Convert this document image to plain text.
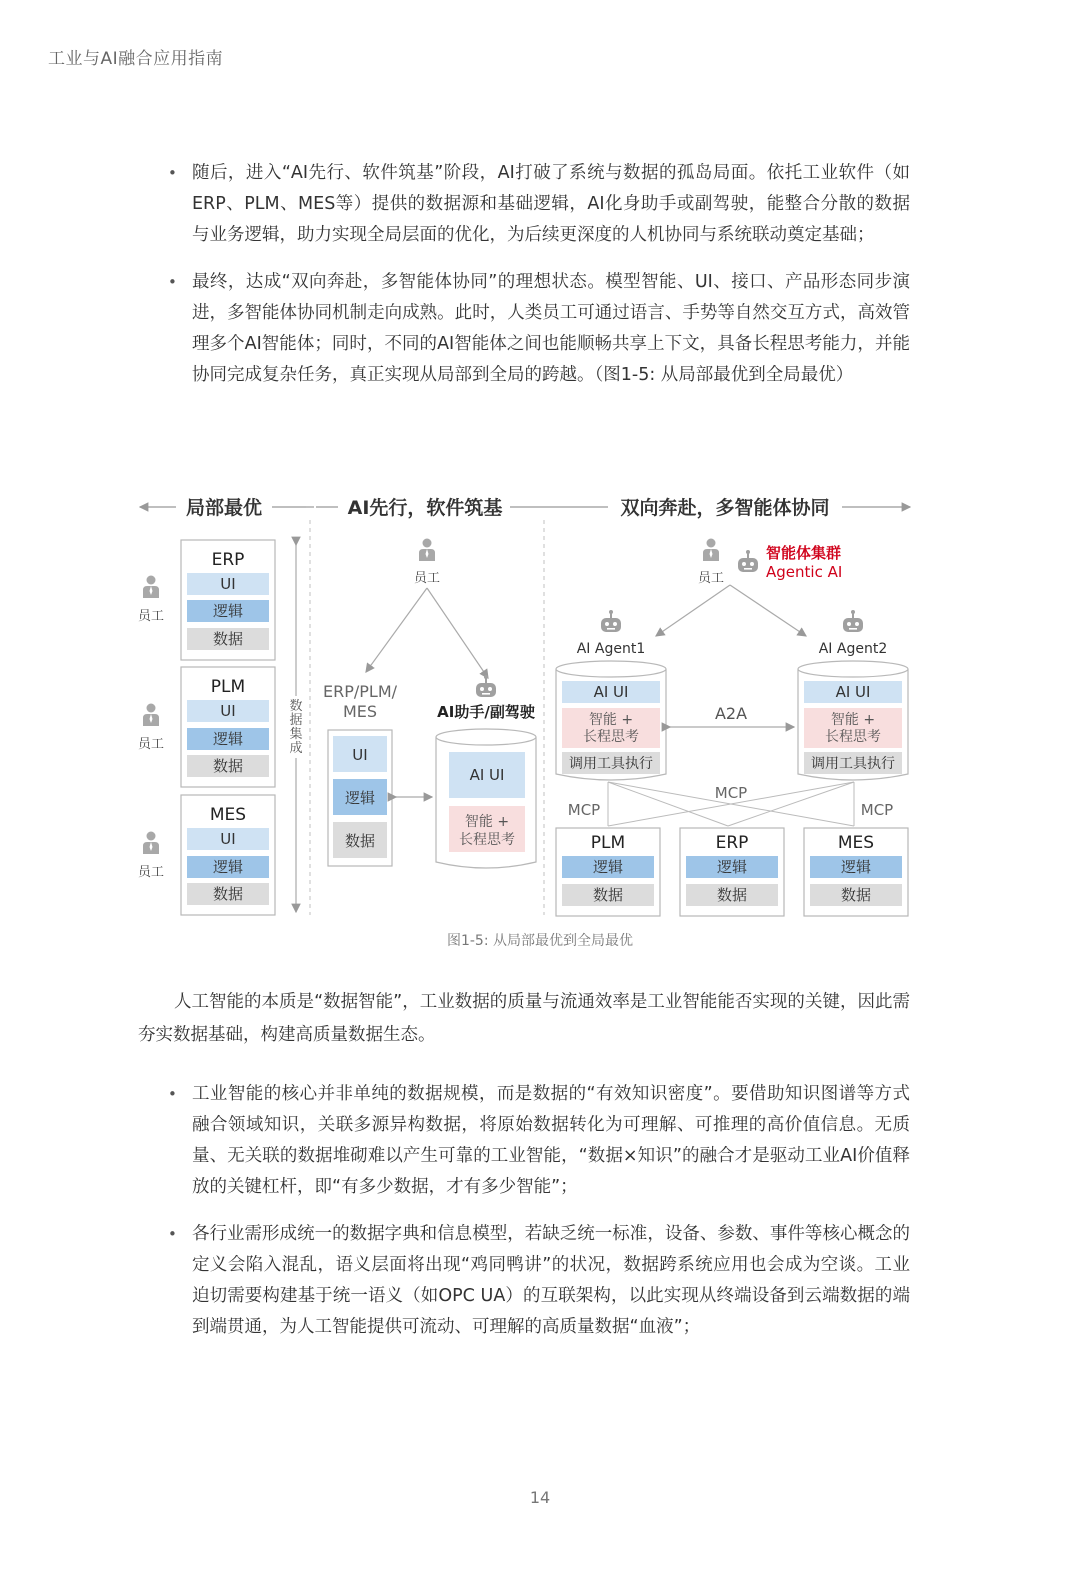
工业与AI融合应用指南
• 随后，进入“AI先行、软件筑基”阶段，AI打破了系统与数据的孤岛局面。依托工业软件（如ERP、PLM、MES等）提供的数据源和基础逻辑，AI化身助手或副驾驶，能整合分散的数据与业务逻辑，助力实现全局层面的优化，为后续更深度的人机协同与系统联动奠定基础；
• 最终，达成“双向奔赴，多智能体协同”的理想状态。模型智能、UI、接口、产品形态同步演进，多智能体协同机制走向成熟。此时，人类员工可通过语言、手势等自然交互方式，高效管理多个AI智能体；同时，不同的AI智能体之间也能顺畅共享上下文，具备长程思考能力，并能协同完成复杂任务，真正实现从局部到全局的跨越。（图1-5: 从局部最优到全局最优）
局部最优	AI先行，软件筑基	双向奔赴，多智能体协同
员工
员工
员工
ERP
UI
逻辑
数据
PLM
UI
逻辑
数据
MES
UI
逻辑
数据
数
据
集
成
员工
ERP/PLM/
MES
UI
逻辑
数据
AI助手/副驾驶
AI UI
智能 +
长程思考
员工
智能体集群
Agentic AI
AI Agent1	AI Agent2
AI UI
智能 +
长程思考
调用工具执行
AI UI
智能 +
长程思考
调用工具执行
A2A
MCP
MCP
MCP
PLM
逻辑
数据
ERP
逻辑
数据
MES
逻辑
数据
图1-5: 从局部最优到全局最优
人工智能的本质是“数据智能”，工业数据的质量与流通效率是工业智能能否实现的关键，因此需夯实数据基础，构建高质量数据生态。
• 工业智能的核心并非单纯的数据规模，而是数据的“有效知识密度”。要借助知识图谱等方式融合领域知识，关联多源异构数据，将原始数据转化为可理解、可推理的高价值信息。无质量、无关联的数据堆砌难以产生可靠的工业智能，“数据×知识”的融合才是驱动工业AI价值释放的关键杠杆，即“有多少数据，才有多少智能”；
• 各行业需形成统一的数据字典和信息模型，若缺乏统一标准，设备、参数、事件等核心概念的定义会陷入混乱，语义层面将出现“鸡同鸭讲”的状况，数据跨系统应用也会成为空谈。工业迫切需要构建基于统一语义（如OPC UA）的互联架构，以此实现从终端设备到云端数据的端到端贯通，为人工智能提供可流动、可理解的高质量数据“血液”；
14
